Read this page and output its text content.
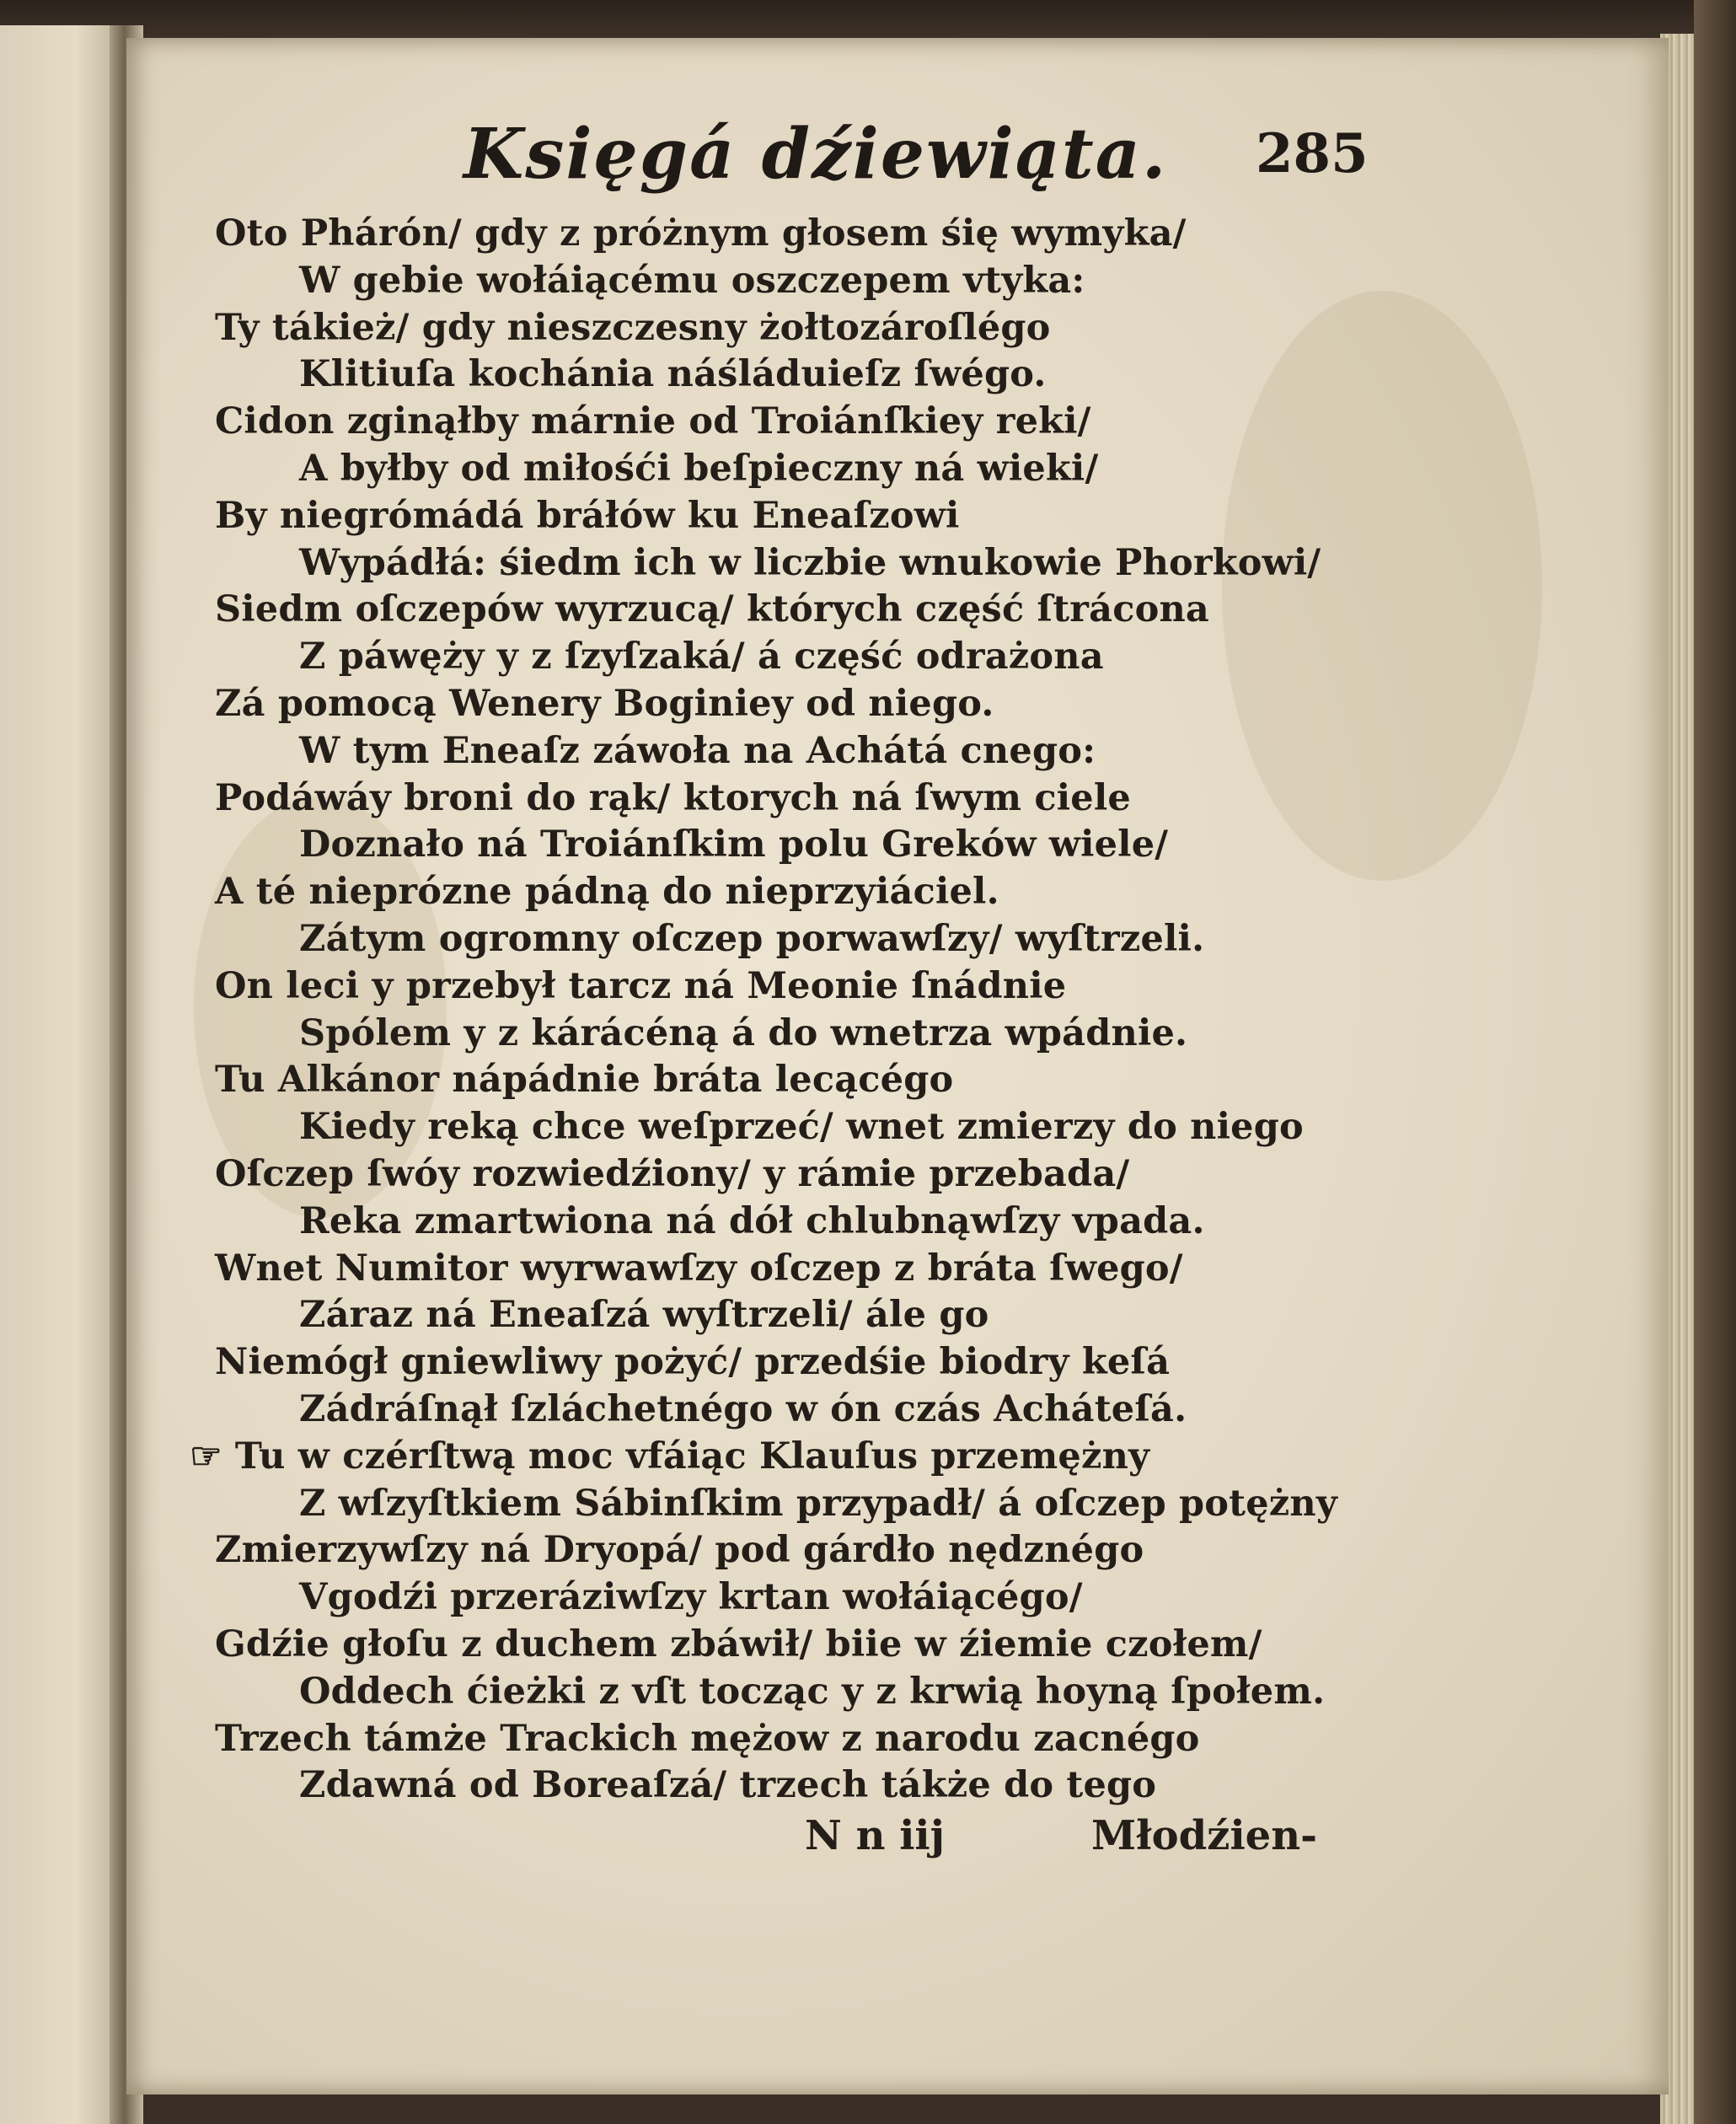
Księgá dźiewiąta. 285
Oto Phárón/ gdy z próżnym głosem śię wymyka/
W gebie wołáiącému oszczepem vtyka:
Ty tákież/ gdy nieszczesny żołtozároſlégo
Klitiuſa kochánia náśláduieſz ſwégo.
Cidon zginąłby márnie od Troiánſkiey reki/
A byłby od miłośći beſpieczny ná wieki/
By niegrómádá bráłów ku Eneaſzowi
Wypádłá: śiedm ich w liczbie wnukowie Phorkowi/
Siedm oſczepów wyrzucą/ których część ſtrácona
Z páwęży y z ſzyſzaká/ á część odrażona
Zá pomocą Wenery Boginiey od niego.
W tym Eneaſz záwoła na Achátá cnego:
Podáwáy broni do rąk/ ktorych ná ſwym ciele
Doznało ná Troiánſkim polu Greków wiele/
A té nieprózne pádną do nieprzyiáciel.
Zátym ogromny oſczep porwawſzy/ wyſtrzeli.
On leci y przebył tarcz ná Meonie ſnádnie
Spólem y z kárácéną á do wnetrza wpádnie.
Tu Alkánor nápádnie bráta lecącégo
Kiedy reką chce weſprzeć/ wnet zmierzy do niego
Oſczep ſwóy rozwiedźiony/ y rámie przebada/
Reka zmartwiona ná dół chlubnąwſzy vpada.
Wnet Numitor wyrwawſzy oſczep z bráta ſwego/
Záraz ná Eneaſzá wyſtrzeli/ ále go
Niemógł gniewliwy pożyć/ przedśie biodry keſá
Zádráſnął ſzláchetnégo w ón czás Acháteſá.
☞ Tu w czérſtwą moc vfáiąc Klauſus przemężny
Z wſzyſtkiem Sábinſkim przypadł/ á oſczep potężny
Zmierzywſzy ná Dryopá/ pod gárdło nędznégo
Vgodźi przeráziwſzy krtan wołáiącégo/
Gdźie głoſu z duchem zbáwił/ biie w źiemie czołem/
Oddech ćieżki z vſt tocząc y z krwią hoyną ſpołem.
Trzech támże Trackich mężow z narodu zacnégo
Zdawná od Boreaſzá/ trzech tákże do tego
N n iij	Młodźien-
